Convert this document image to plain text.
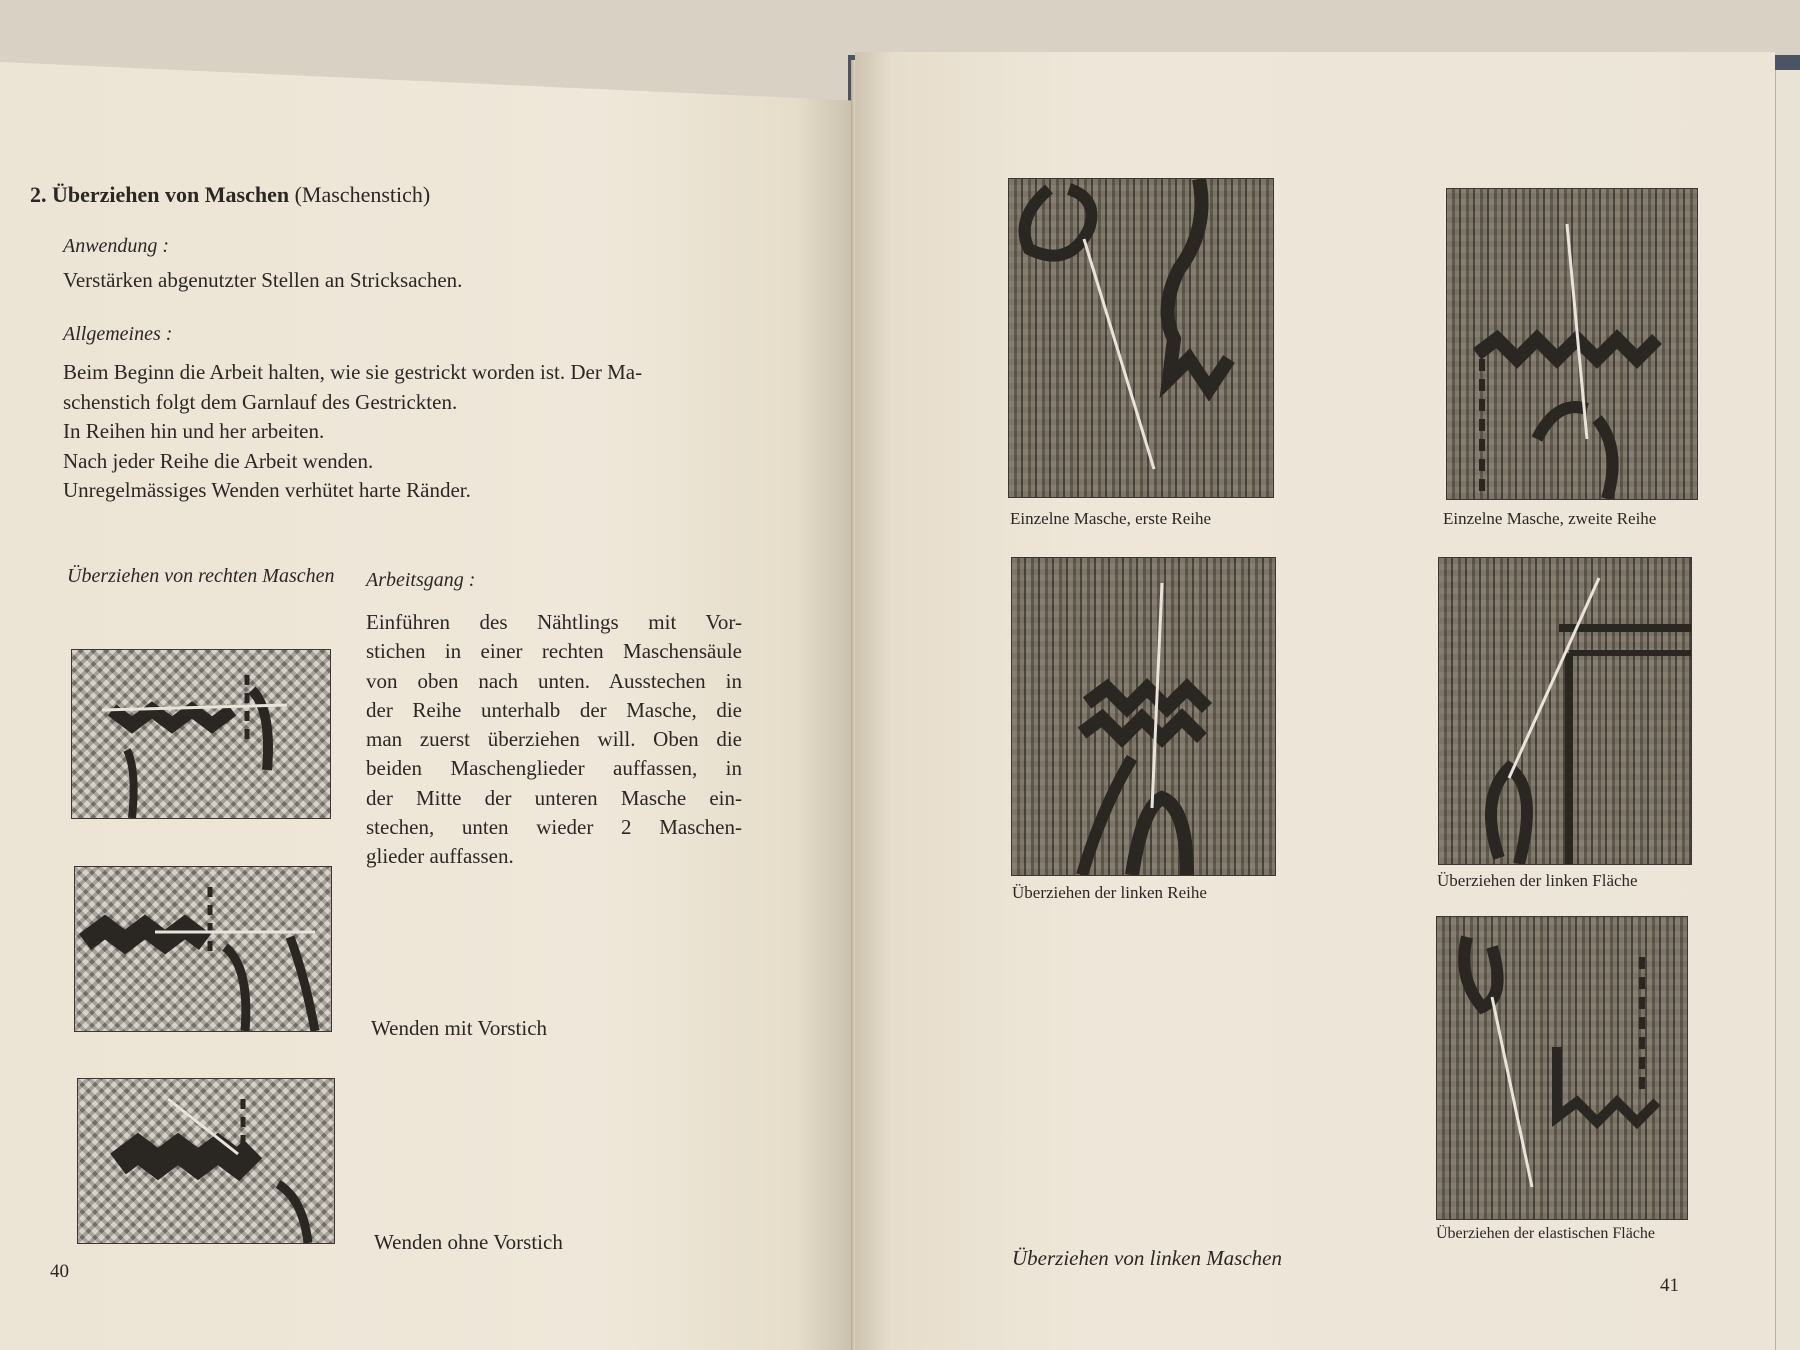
2. Überziehen von Maschen (Maschenstich)
Anwendung :
Verstärken abgenutzter Stellen an Stricksachen.
Allgemeines :
Beim Beginn die Arbeit halten, wie sie gestrickt worden ist. Der Ma-
schenstich folgt dem Garnlauf des Gestrickten.
In Reihen hin und her arbeiten.
Nach jeder Reihe die Arbeit wenden.
Unregelmässiges Wenden verhütet harte Ränder.
Überziehen von rechten Maschen Arbeitsgang :
Einführen des Nähtlings mit Vor-
stichen in einer rechten Maschensäule
von oben nach unten. Ausstechen in
der Reihe unterhalb der Masche, die
man zuerst überziehen will. Oben die
beiden Maschenglieder auffassen, in
der Mitte der unteren Masche ein-
stechen, unten wieder 2 Maschen-
glieder auffassen.
Wenden mit Vorstich
Wenden ohne Vorstich
40
Einzelne Masche, erste Reihe	Einzelne Masche, zweite Reihe
Überziehen der linken Reihe
Überziehen der linken Fläche
Überziehen der elastischen Fläche
Überziehen von linken Maschen
41
